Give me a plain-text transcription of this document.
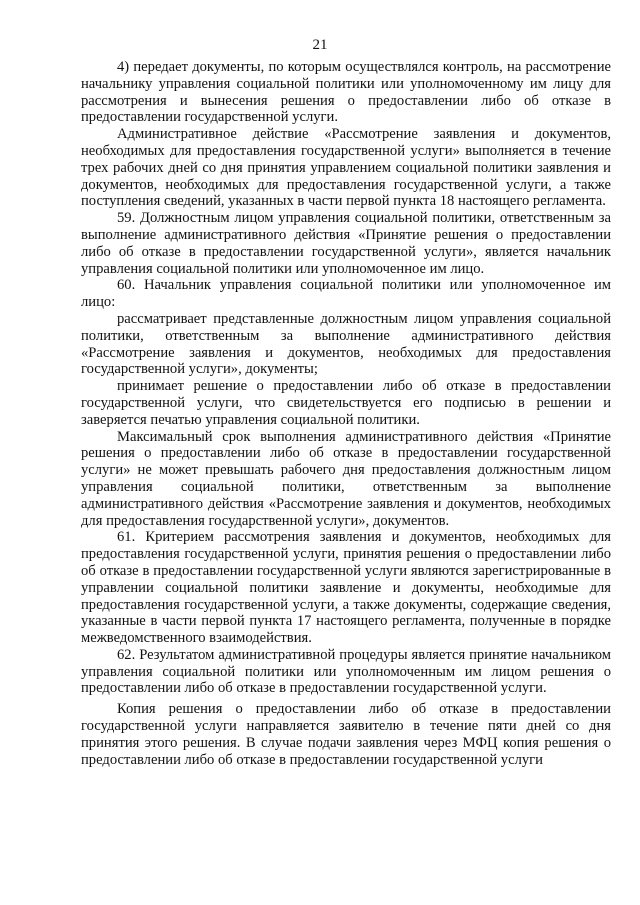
21

4) передает документы, по которым осуществлялся контроль, на рассмотрение начальнику управления социальной политики или уполномоченному им лицу для рассмотрения и вынесения решения о предоставлении либо об отказе в предоставлении государственной услуги.

Административное действие «Рассмотрение заявления и документов, необходимых для предоставления государственной услуги» выполняется в течение трех рабочих дней со дня принятия управлением социальной политики заявления и документов, необходимых для предоставления государственной услуги, а также поступления сведений, указанных в части первой пункта 18 настоящего регламента.

59. Должностным лицом управления социальной политики, ответственным за выполнение административного действия «Принятие решения о предоставлении либо об отказе в предоставлении государственной услуги», является начальник управления социальной политики или уполномоченное им лицо.

60. Начальник управления социальной политики или уполномоченное им лицо:

рассматривает представленные должностным лицом управления социальной политики, ответственным за выполнение административного действия «Рассмотрение заявления и документов, необходимых для предоставления государственной услуги», документы;

принимает решение о предоставлении либо об отказе в предоставлении государственной услуги, что свидетельствуется его подписью в решении и заверяется печатью управления социальной политики.

Максимальный срок выполнения административного действия «Принятие решения о предоставлении либо об отказе в предоставлении государственной услуги» не может превышать рабочего дня предоставления должностным лицом управления социальной политики, ответственным за выполнение административного действия «Рассмотрение заявления и документов, необходимых для предоставления государственной услуги», документов.

61. Критерием рассмотрения заявления и документов, необходимых для предоставления государственной услуги, принятия решения о предоставлении либо об отказе в предоставлении государственной услуги являются зарегистрированные в управлении социальной политики заявление и документы, необходимые для предоставления государственной услуги, а также документы, содержащие сведения, указанные в части первой пункта 17 настоящего регламента, полученные в порядке межведомственного взаимодействия.

62. Результатом административной процедуры является принятие начальником управления социальной политики или уполномоченным им лицом решения о предоставлении либо об отказе в предоставлении государственной услуги.

Копия решения о предоставлении либо об отказе в предоставлении государственной услуги направляется заявителю в течение пяти дней со дня принятия этого решения. В случае подачи заявления через МФЦ копия решения о предоставлении либо об отказе в предоставлении государственной услуги
